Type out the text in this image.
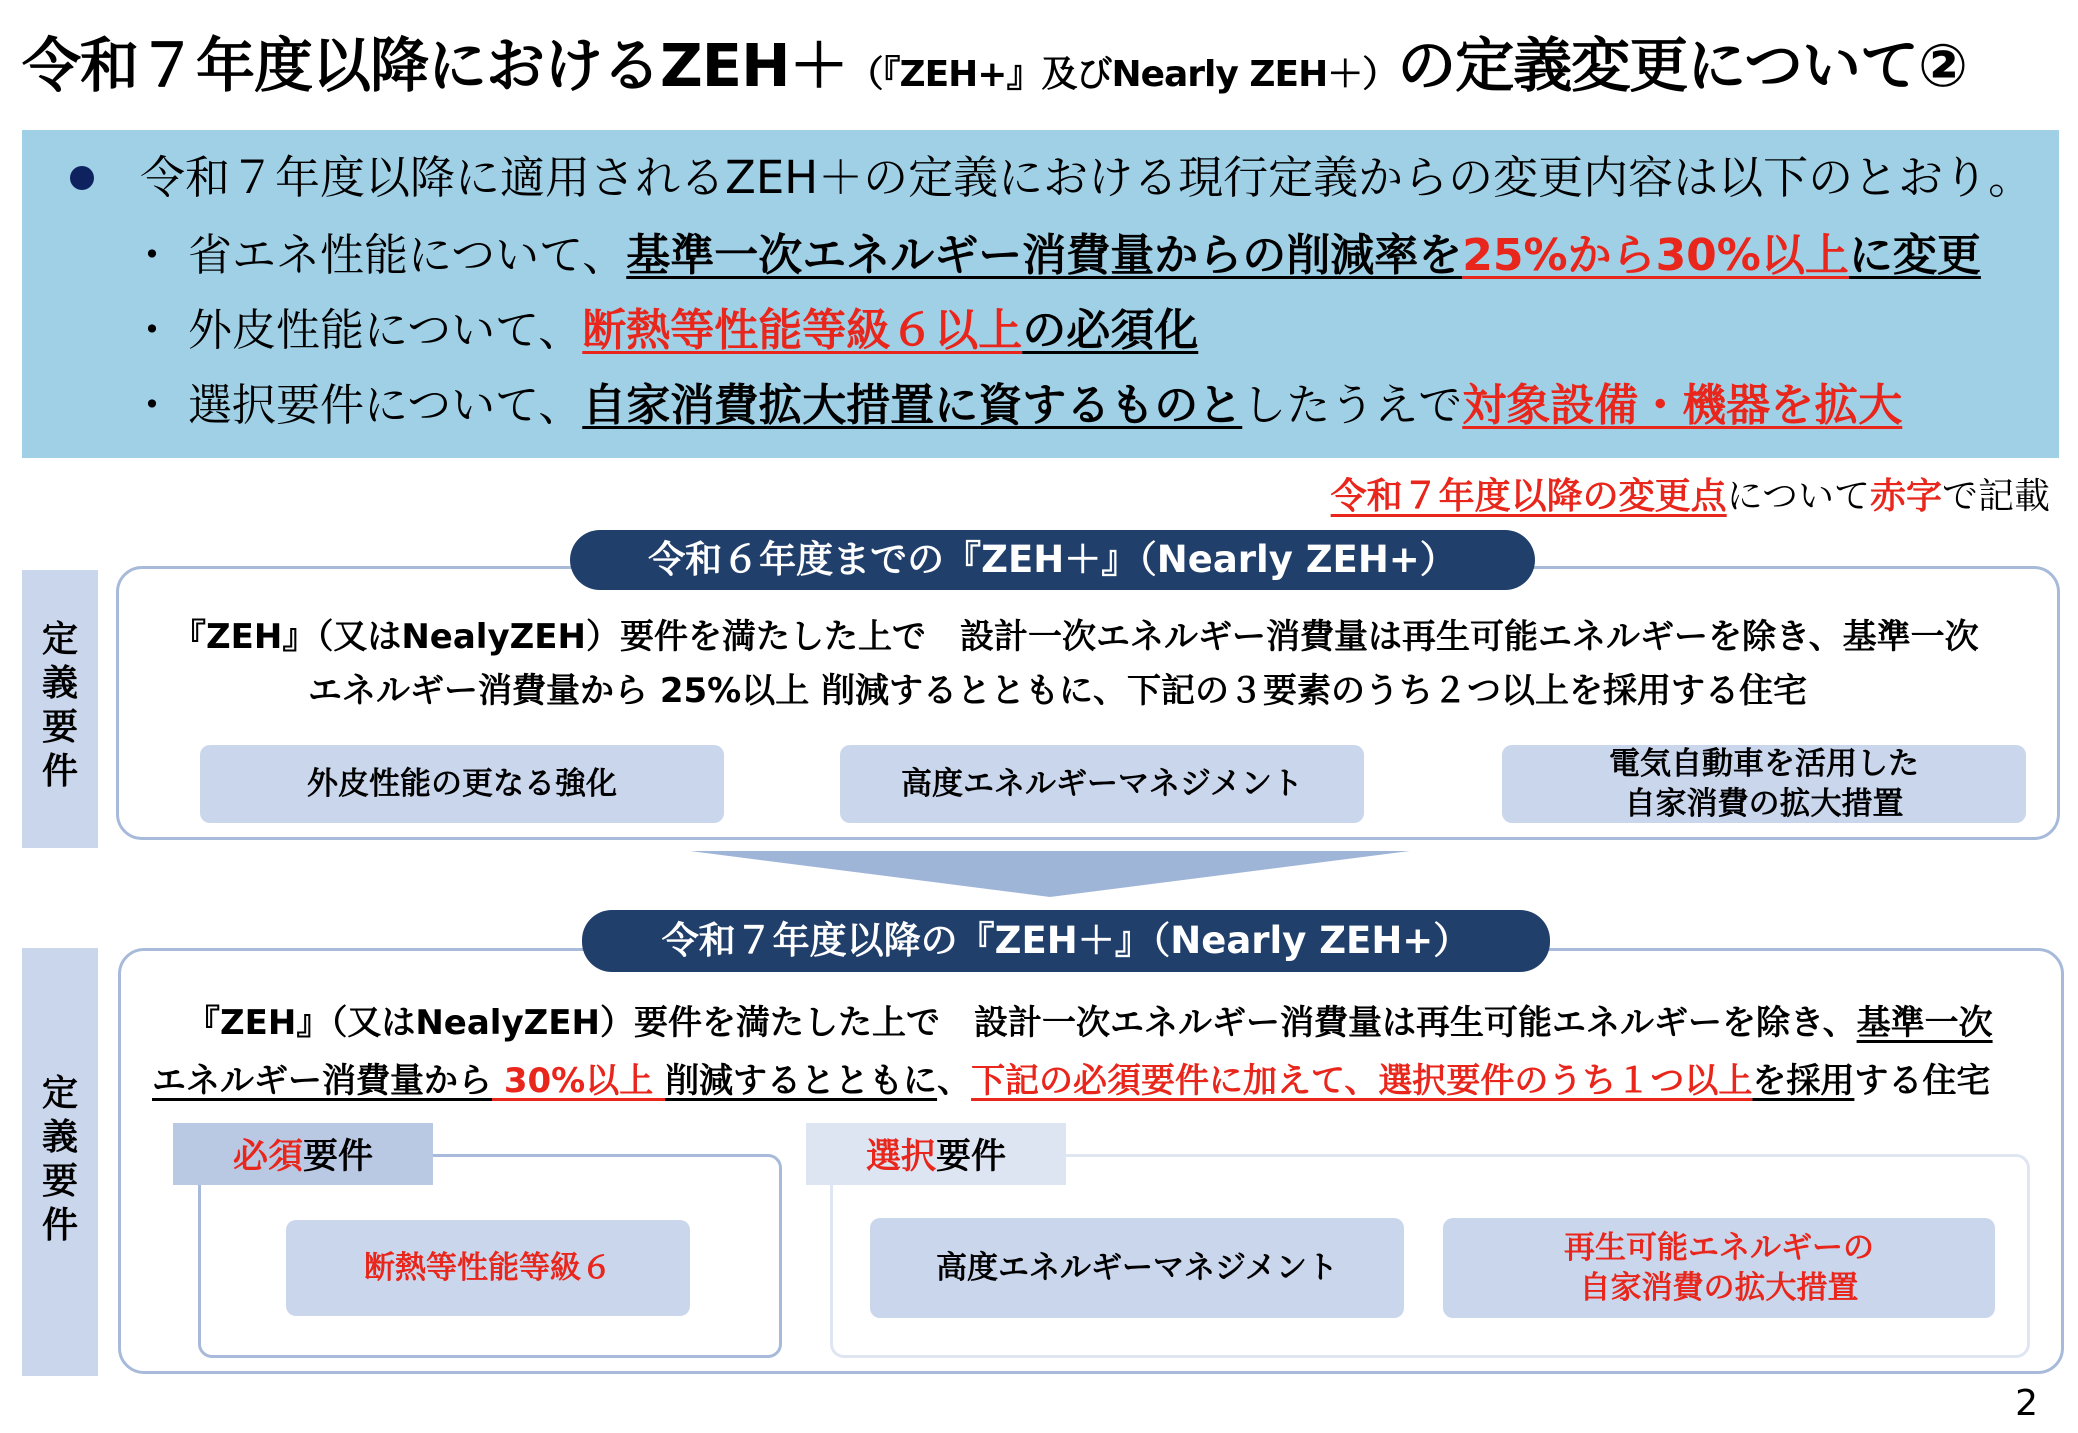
令和７年度以降におけるZEH＋（『ZEH+』及びNearly ZEH＋）の定義変更について②
令和７年度以降に適用されるZEH＋の定義における現行定義からの変更内容は以下のとおり。
・ 省エネ性能について、基準一次エネルギー消費量からの削減率を25%から30%以上に変更
・ 外皮性能について、断熱等性能等級６以上の必須化
・ 選択要件について、自家消費拡大措置に資するものとしたうえで対象設備・機器を拡大
令和７年度以降の変更点について赤字で記載
定
義
要
件
令和６年度までの『ZEH＋』（Nearly ZEH+）
『ZEH』（又はNealyZEH）要件を満たした上で　設計一次エネルギー消費量は再生可能エネルギーを除き、基準一次
エネルギー消費量から 25%以上 削減するとともに、下記の３要素のうち２つ以上を採用する住宅
外皮性能の更なる強化	高度エネルギーマネジメント
電気自動車を活用した
自家消費の拡大措置
定
義
要
件
令和７年度以降の『ZEH＋』（Nearly ZEH+）
『ZEH』（又はNealyZEH）要件を満たした上で　設計一次エネルギー消費量は再生可能エネルギーを除き、基準一次
エネルギー消費量から 30%以上 削減するとともに、下記の必須要件に加えて、選択要件のうち１つ以上を採用する住宅
必須 要件
断熱等性能等級６
選択 要件
高度エネルギーマネジメント
再生可能エネルギーの
自家消費の拡大措置
2
